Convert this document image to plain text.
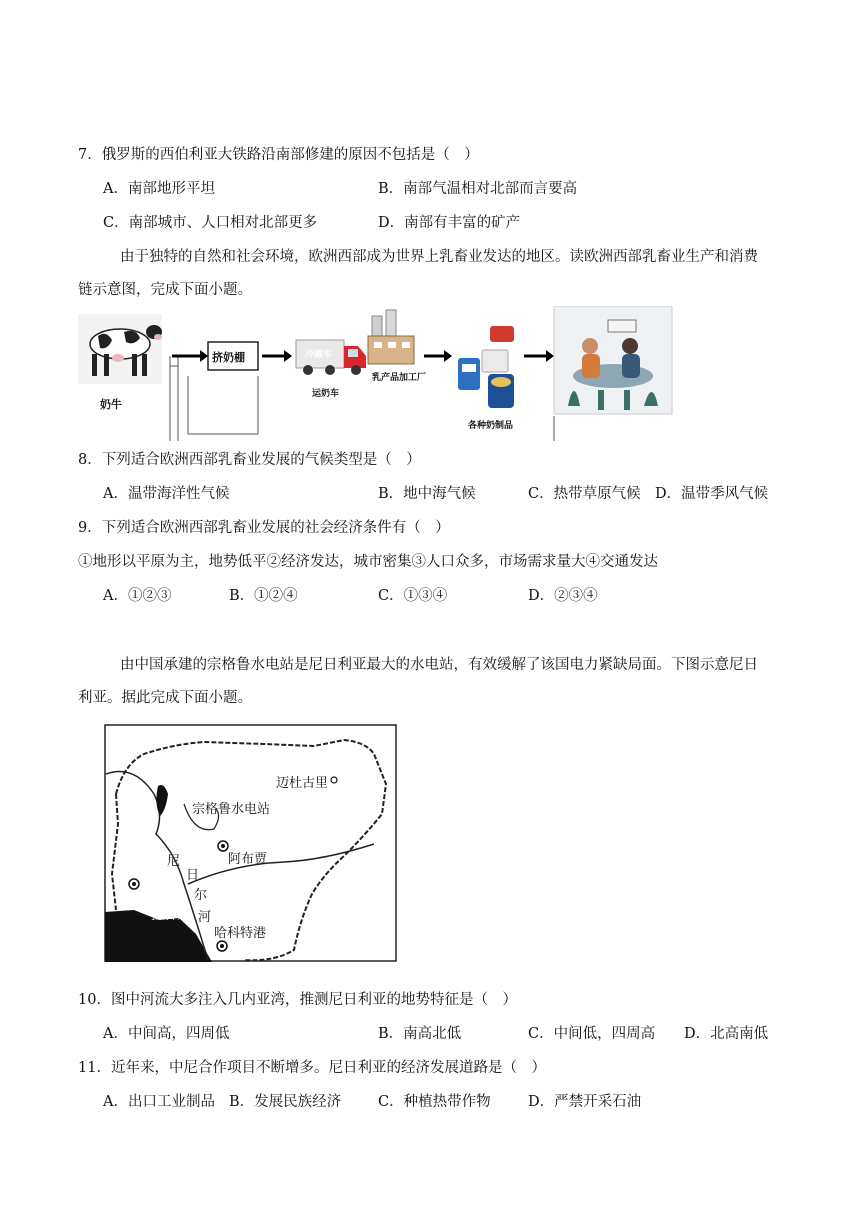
7．俄罗斯的西伯利亚大铁路沿南部修建的原因不包括是（　）
A．南部地形平坦	B．南部气温相对北部而言要高
C．南部城市、人口相对北部更多	D．南部有丰富的矿产
由于独特的自然和社会环境，欧洲西部成为世界上乳畜业发达的地区。读欧洲西部乳畜业生产和消费
链示意图，完成下面小题。
奶牛
挤奶棚	冷藏车
运奶车
乳产品加工厂
各种奶制品
8．下列适合欧洲西部乳畜业发展的气候类型是（　）
A．温带海洋性气候	B．地中海气候	C．热带草原气候 D．温带季风气候
9．下列适合欧洲西部乳畜业发展的社会经济条件有（　）
①地形以平原为主，地势低平②经济发达，城市密集③人口众多，市场需求量大④交通发达
A．①②③	B．①②④	C．①③④	D．②③④
由中国承建的宗格鲁水电站是尼日利亚最大的水电站，有效缓解了该国电力紧缺局面。下图示意尼日
利亚。据此完成下面小题。
迈杜古里
宗格鲁水电站
阿布贾
拉各斯
哈科特港
尼
日
尔
河
10．图中河流大多注入几内亚湾，推测尼日利亚的地势特征是（　）
A．中间高，四周低	B．南高北低	C．中间低，四周高 D．北高南低
11．近年来，中尼合作项目不断增多。尼日利亚的经济发展道路是（　）
A．出口工业制品 B．发展民族经济	C．种植热带作物	D．严禁开采石油
